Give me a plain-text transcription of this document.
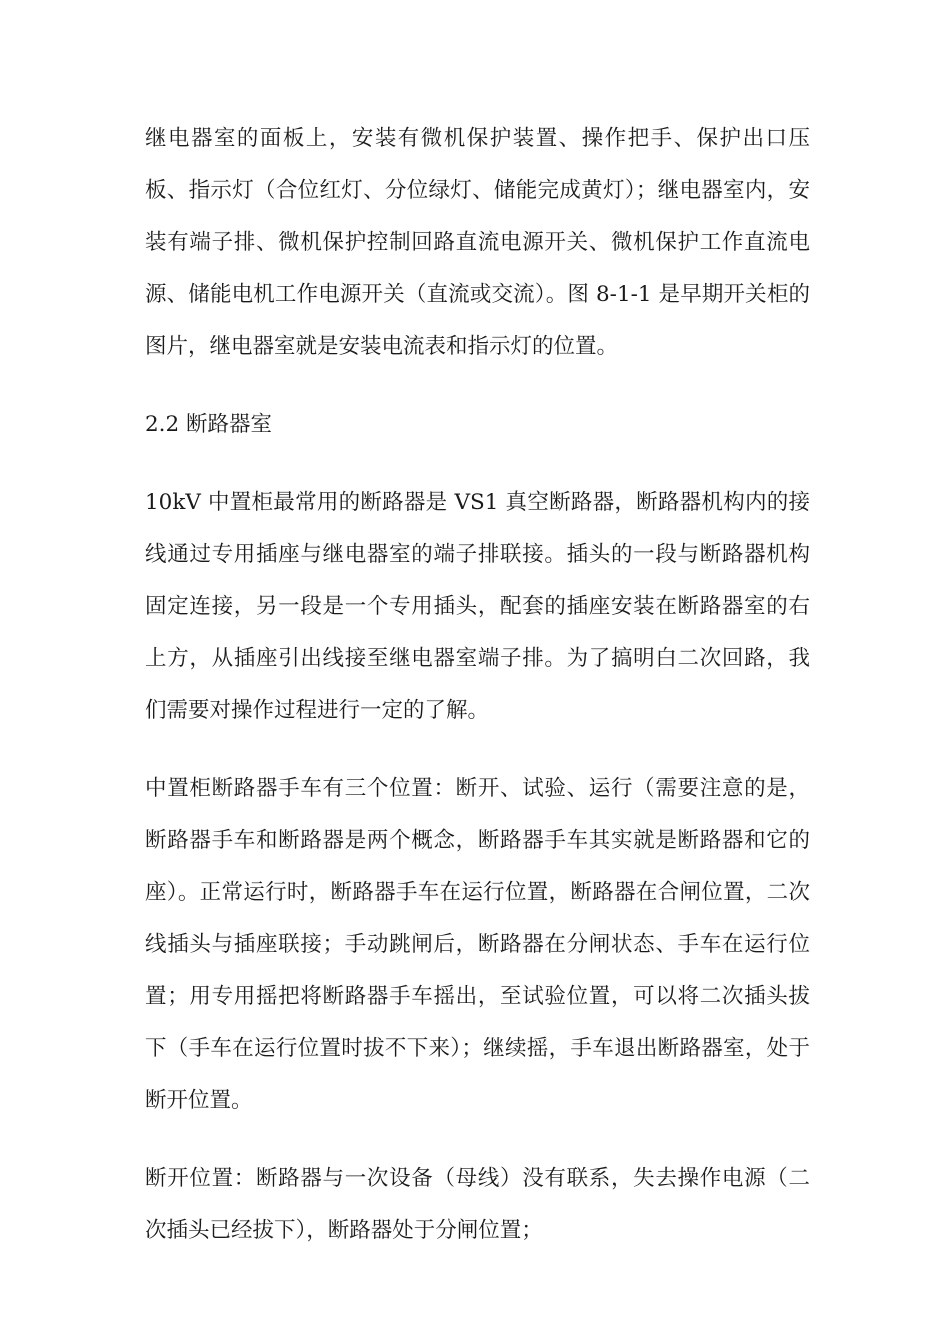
继电器室的面板上，安装有微机保护装置、操作把手、保护出口压板、指示灯（合位红灯、分位绿灯、储能完成黄灯）；继电器室内，安装有端子排、微机保护控制回路直流电源开关、微机保护工作直流电源、储能电机工作电源开关（直流或交流）。图 8-1-1 是早期开关柜的图片，继电器室就是安装电流表和指示灯的位置。

2.2 断路器室

10kV 中置柜最常用的断路器是 VS1 真空断路器，断路器机构内的接线通过专用插座与继电器室的端子排联接。插头的一段与断路器机构固定连接，另一段是一个专用插头，配套的插座安装在断路器室的右上方，从插座引出线接至继电器室端子排。为了搞明白二次回路，我们需要对操作过程进行一定的了解。

中置柜断路器手车有三个位置：断开、试验、运行（需要注意的是，断路器手车和断路器是两个概念，断路器手车其实就是断路器和它的座）。正常运行时，断路器手车在运行位置，断路器在合闸位置，二次线插头与插座联接；手动跳闸后，断路器在分闸状态、手车在运行位置；用专用摇把将断路器手车摇出，至试验位置，可以将二次插头拔下（手车在运行位置时拔不下来）；继续摇，手车退出断路器室，处于断开位置。

断开位置：断路器与一次设备（母线）没有联系，失去操作电源（二次插头已经拔下），断路器处于分闸位置；
